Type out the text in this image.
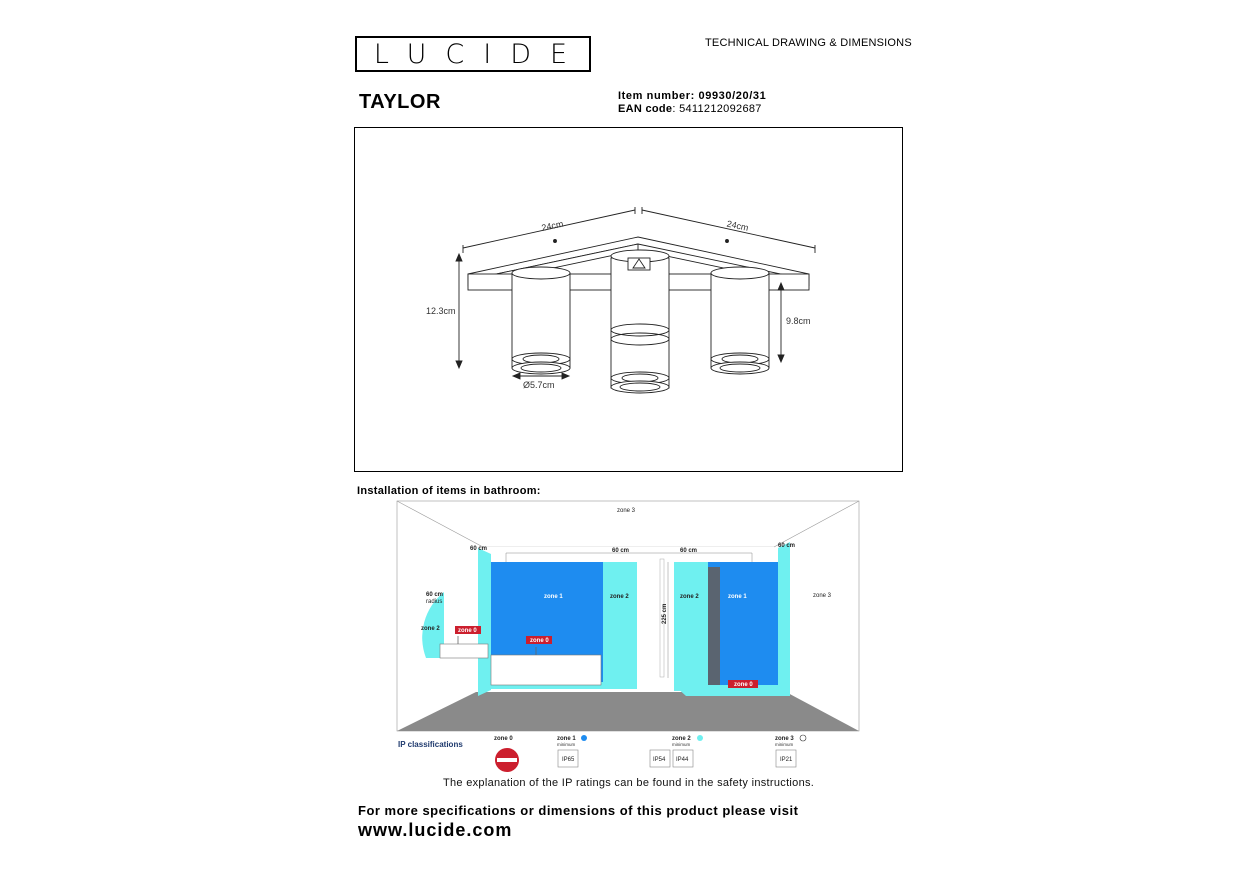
LUCIDE	TECHNICAL DRAWING & DIMENSIONS
TAYLOR	Item number: 09930/20/31
EAN code: 5411212092687
24cm	24cm
12.3cm
9.8cm
Ø5.7cm
Installation of items in bathroom:
zone 3
zone 3
60 cm	60 cm	60 cm
60 cm
60 cm
radius
zone 2
zone 1	zone 2	zone 2	zone 1
zone 0
zone 0
zone 0
225 cm
IP classifications
zone 0	zone 1
minimum
IP65
zone 2
minimum
IP54 IP44
zone 3
minimum
IP21
The explanation of the IP ratings can be found in the safety instructions.
For more specifications or dimensions of this product please visit
www.lucide.com
